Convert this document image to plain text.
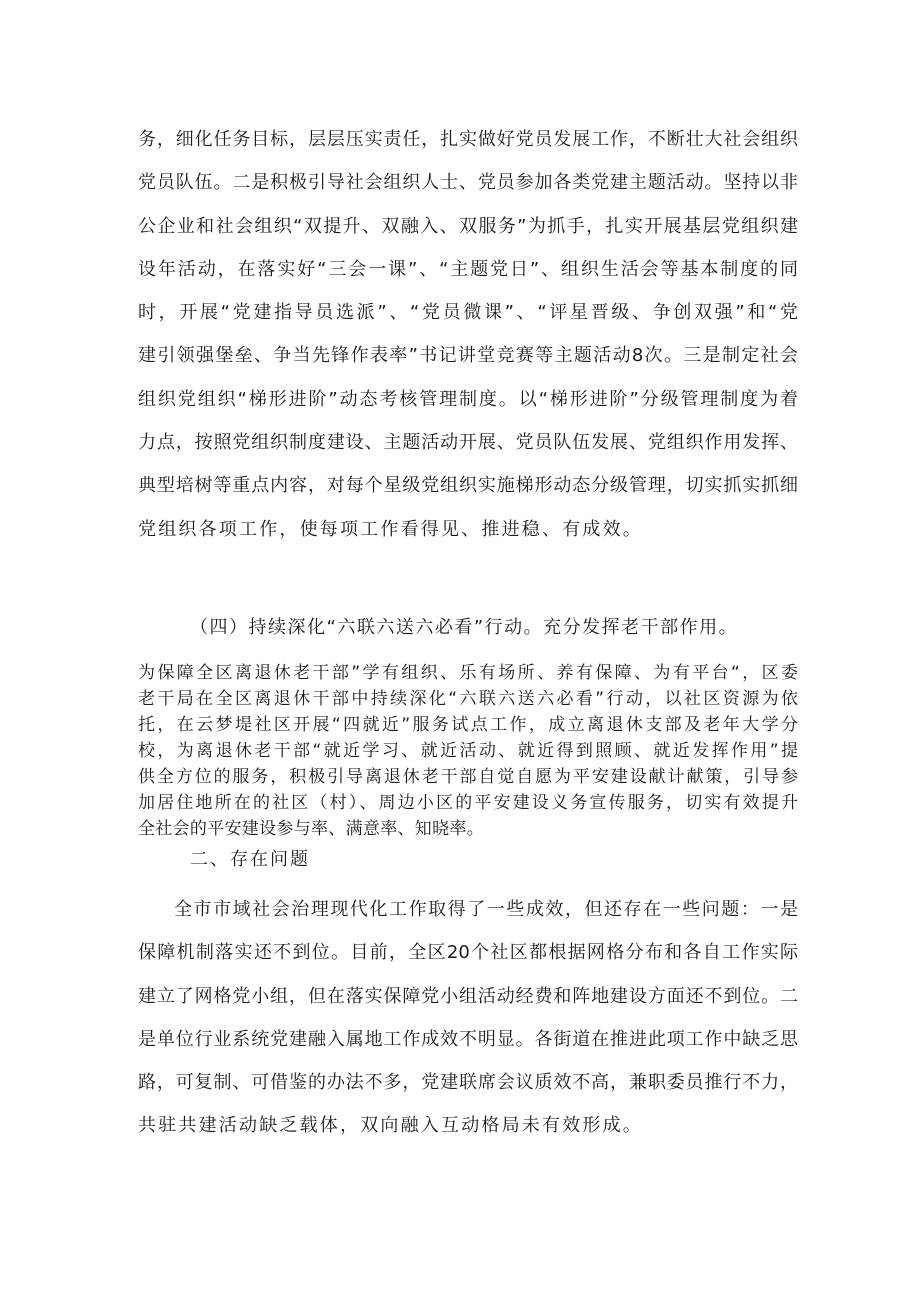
务，细化任务目标，层层压实责任，扎实做好党员发展工作，不断壮大社会组织
党员队伍。二是积极引导社会组织人士、党员参加各类党建主题活动。坚持以非
公企业和社会组织“双提升、双融入、双服务”为抓手，扎实开展基层党组织建
设年活动，在落实好“三会一课”、“主题党日”、组织生活会等基本制度的同
时，开展“党建指导员选派”、“党员微课”、“评星晋级、争创双强”和“党
建引领强堡垒、争当先锋作表率”书记讲堂竞赛等主题活动8次。三是制定社会
组织党组织“梯形进阶”动态考核管理制度。以“梯形进阶”分级管理制度为着
力点，按照党组织制度建设、主题活动开展、党员队伍发展、党组织作用发挥、
典型培树等重点内容，对每个星级党组织实施梯形动态分级管理，切实抓实抓细
党组织各项工作，使每项工作看得见、推进稳、有成效。
（四）持续深化“六联六送六必看”行动。充分发挥老干部作用。
为保障全区离退休老干部”学有组织、乐有场所、养有保障、为有平台“，区委
老干局在全区离退休干部中持续深化“六联六送六必看”行动，以社区资源为依
托，在云梦堤社区开展“四就近”服务试点工作，成立离退休支部及老年大学分
校，为离退休老干部“就近学习、就近活动、就近得到照顾、就近发挥作用”提
供全方位的服务，积极引导离退休老干部自觉自愿为平安建设献计献策，引导参
加居住地所在的社区（村）、周边小区的平安建设义务宣传服务，切实有效提升
全社会的平安建设参与率、满意率、知晓率。
二、存在问题
全市市域社会治理现代化工作取得了一些成效，但还存在一些问题：一是
保障机制落实还不到位。目前，全区20个社区都根据网格分布和各自工作实际
建立了网格党小组，但在落实保障党小组活动经费和阵地建设方面还不到位。二
是单位行业系统党建融入属地工作成效不明显。各街道在推进此项工作中缺乏思
路，可复制、可借鉴的办法不多，党建联席会议质效不高，兼职委员推行不力，
共驻共建活动缺乏载体，双向融入互动格局未有效形成。
